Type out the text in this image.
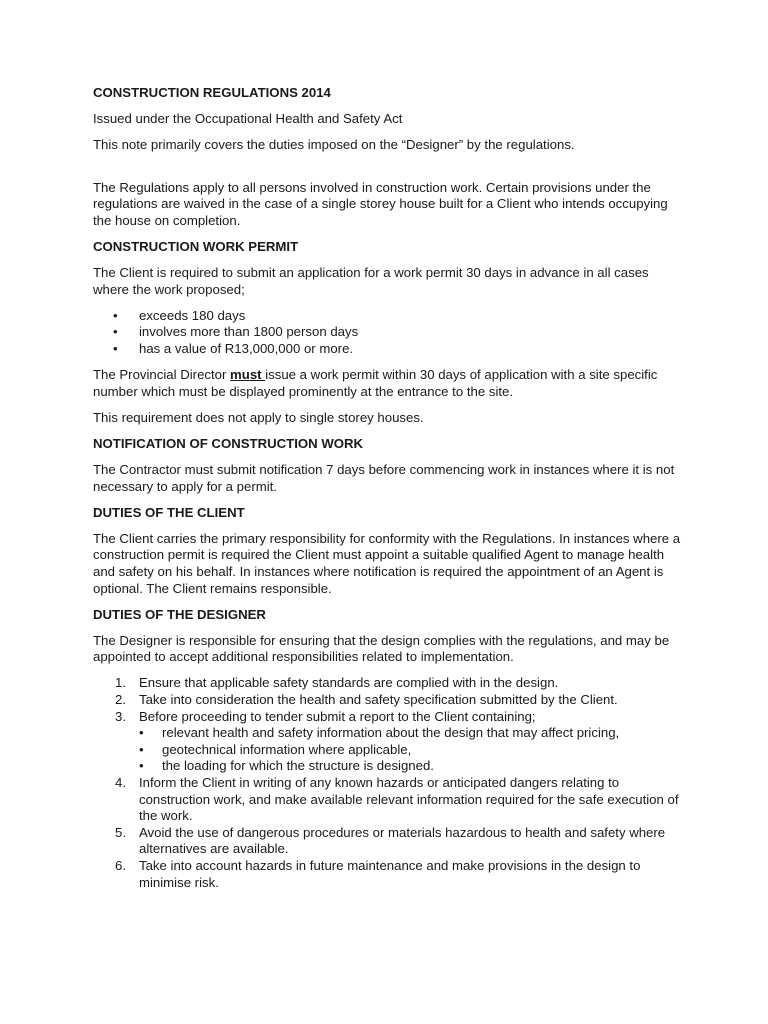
CONSTRUCTION REGULATIONS 2014

Issued under the Occupational Health and Safety Act

This note primarily covers the duties imposed on the “Designer” by the regulations.

The Regulations apply to all persons involved in construction work. Certain provisions under the regulations are waived in the case of a single storey house built for a Client who intends occupying the house on completion.

CONSTRUCTION WORK PERMIT

The Client is required to submit an application for a work permit 30 days in advance in all cases where the work proposed;

• exceeds 180 days
• involves more than 1800 person days
• has a value of R13,000,000 or more.

The Provincial Director must issue a work permit within 30 days of application with a site specific number which must be displayed prominently at the entrance to the site.

This requirement does not apply to single storey houses.

NOTIFICATION OF CONSTRUCTION WORK

The Contractor must submit notification 7 days before commencing work in instances where it is not necessary to apply for a permit.

DUTIES OF THE CLIENT

The Client carries the primary responsibility for conformity with the Regulations. In instances where a construction permit is required the Client must appoint a suitable qualified Agent to manage health and safety on his behalf. In instances where notification is required the appointment of an Agent is optional. The Client remains responsible.

DUTIES OF THE DESIGNER

The Designer is responsible for ensuring that the design complies with the regulations, and may be appointed to accept additional responsibilities related to implementation.

1. Ensure that applicable safety standards are complied with in the design.
2. Take into consideration the health and safety specification submitted by the Client.
3. Before proceeding to tender submit a report to the Client containing;
• relevant health and safety information about the design that may affect pricing,
• geotechnical information where applicable,
• the loading for which the structure is designed.
4. Inform the Client in writing of any known hazards or anticipated dangers relating to construction work, and make available relevant information required for the safe execution of the work.
5. Avoid the use of dangerous procedures or materials hazardous to health and safety where alternatives are available.
6. Take into account hazards in future maintenance and make provisions in the design to minimise risk.
